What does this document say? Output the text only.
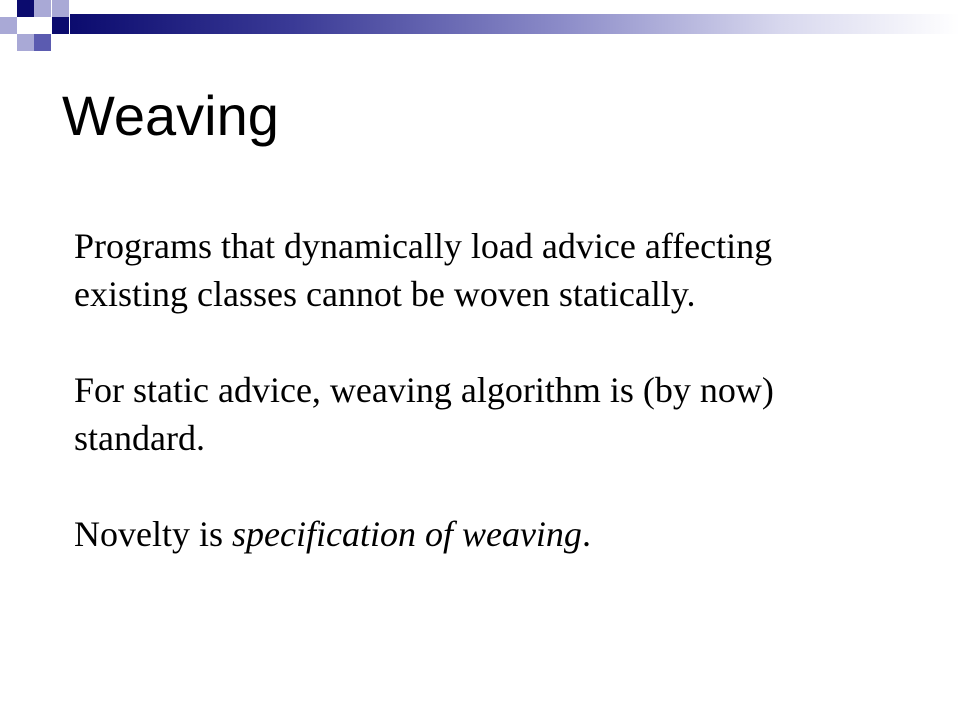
Weaving

Programs that dynamically load advice affecting
existing classes cannot be woven statically.

For static advice, weaving algorithm is (by now)
standard.

Novelty is specification of weaving.
